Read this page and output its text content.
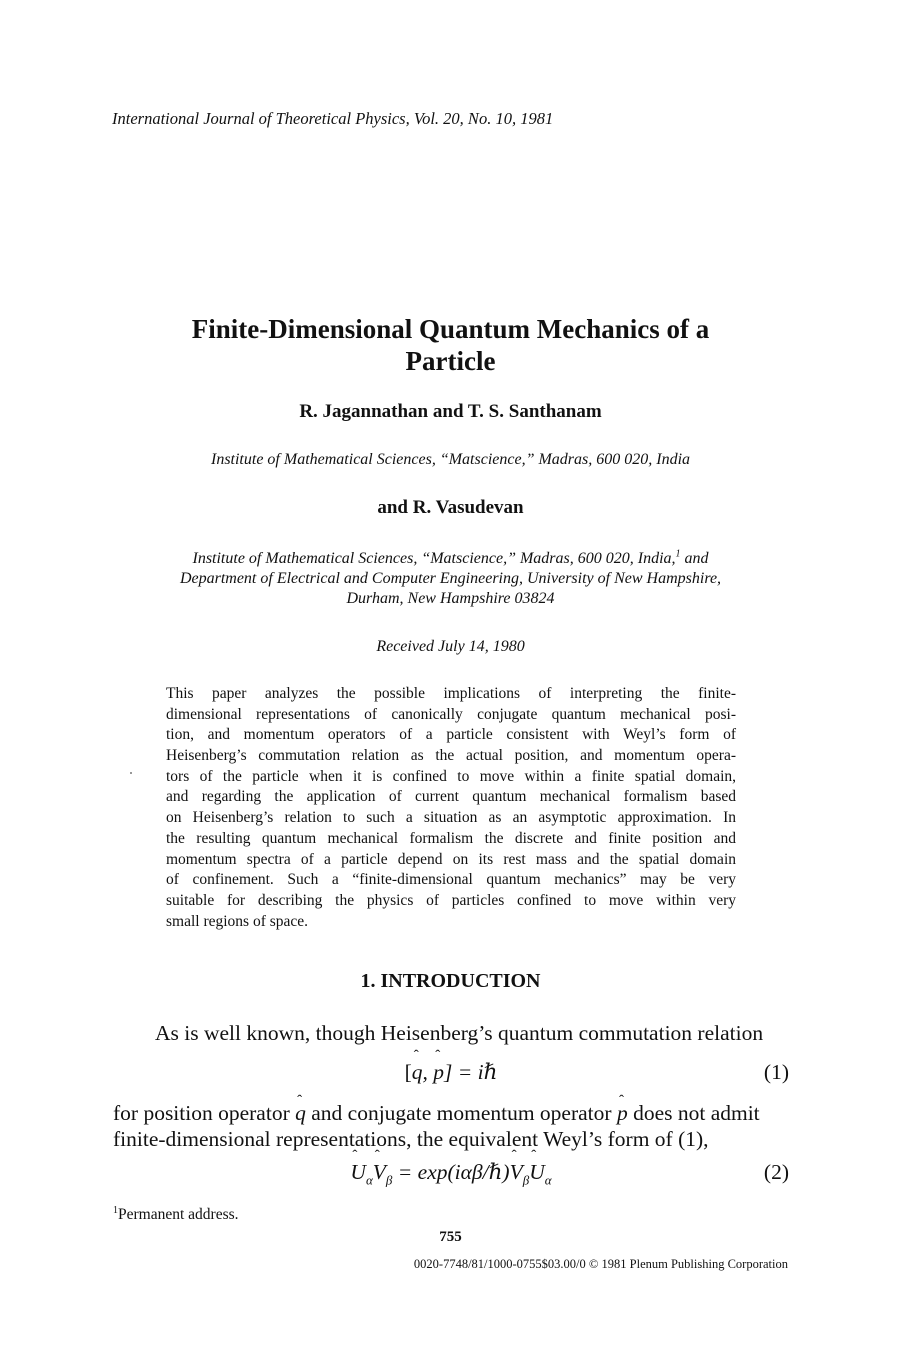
International Journal of Theoretical Physics, Vol. 20, No. 10, 1981
Finite-Dimensional Quantum Mechanics of a
Particle
R. Jagannathan and T. S. Santhanam
Institute of Mathematical Sciences, “Matscience,” Madras, 600 020, India
and R. Vasudevan
Institute of Mathematical Sciences, “Matscience,” Madras, 600 020, India,$^1$ and
Department of Electrical and Computer Engineering, University of New Hampshire,
Durham, New Hampshire 03824
Received July 14, 1980
This paper analyzes the possible implications of interpreting the finite-
dimensional representations of canonically conjugate quantum mechanical posi-
tion, and momentum operators of a particle consistent with Weyl’s form of
Heisenberg’s commutation relation as the actual position, and momentum opera-
tors of the particle when it is confined to move within a finite spatial domain,
and regarding the application of current quantum mechanical formalism based
on Heisenberg’s relation to such a situation as an asymptotic approximation. In
the resulting quantum mechanical formalism the discrete and finite position and
momentum spectra of a particle depend on its rest mass and the spatial domain
of confinement. Such a “finite-dimensional quantum mechanics” may be very
suitable for describing the physics of particles confined to move within very
small regions of space.
1. INTRODUCTION
As is well known, though Heisenberg’s quantum commutation relation
[q ˆ, p ˆ] = iℏ	(1)
for position operator q ˆ and conjugate momentum operator p ˆ does not admit finite-dimensional representations, the equivalent Weyl’s form of (1),
U ˆ$_\alpha$V ˆ$_\beta$ = exp(iαβ/ℏ)V ˆ$_\beta$U ˆ$_\alpha$	(2)
$^1$Permanent address.
755
0020-7748/81/1000-0755$03.00/0 © 1981 Plenum Publishing Corporation
